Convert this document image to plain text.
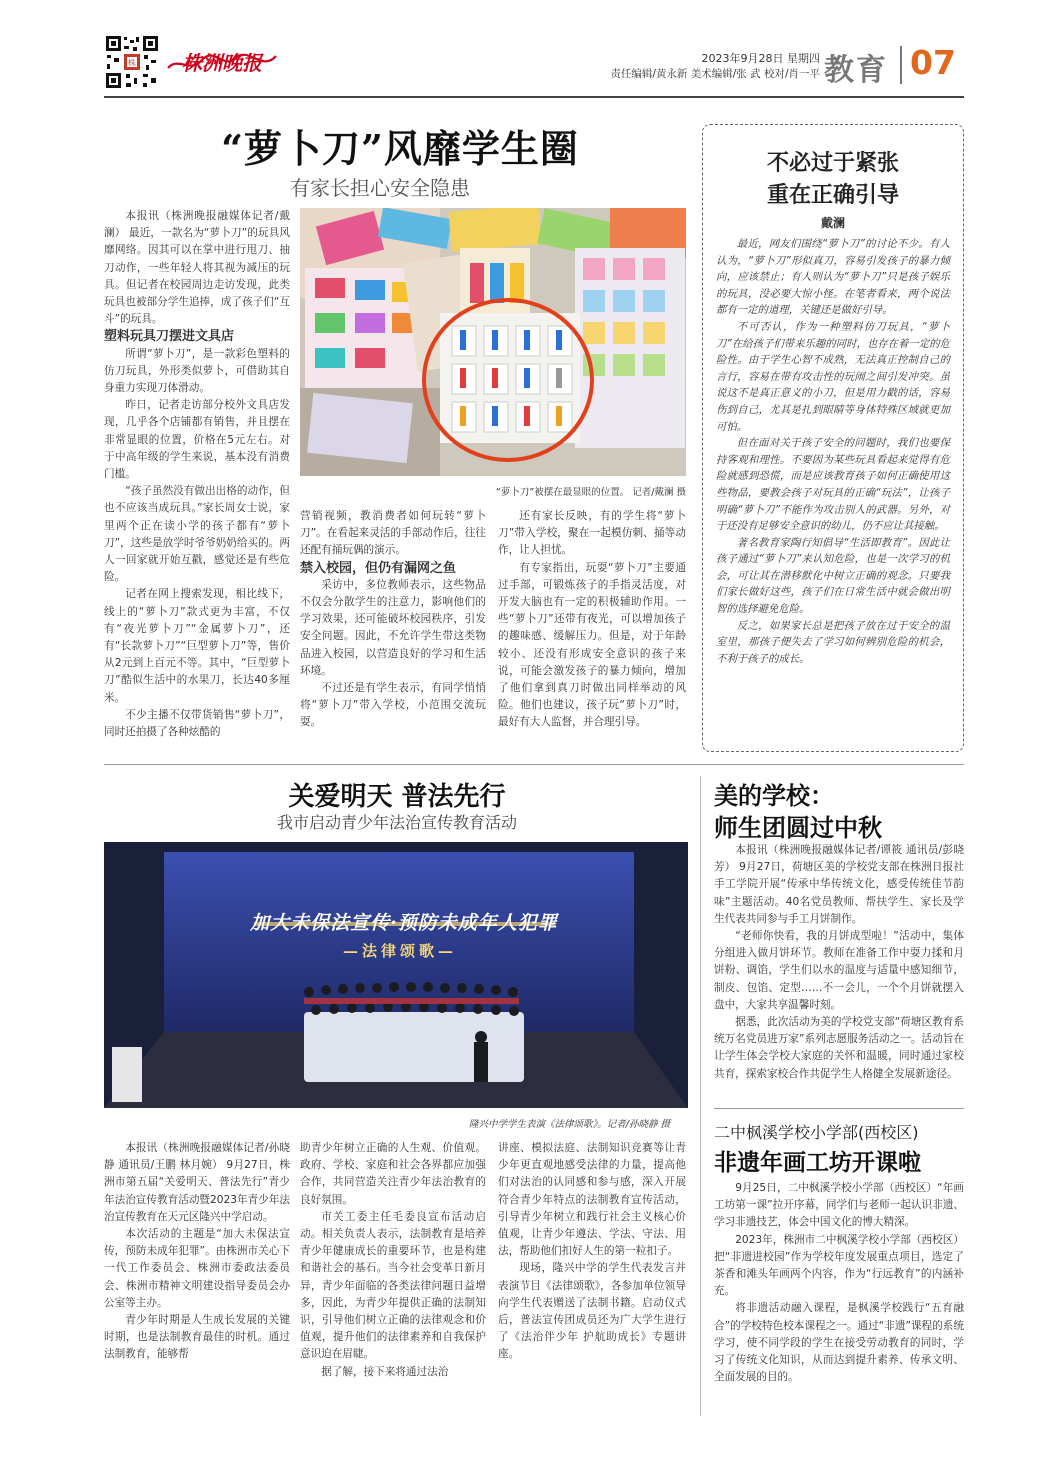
株 株洲晚报	2023年9月28日 星期四
责任编辑/黄永新 美术编辑/张 武 校对/肖一平 教育 07
“萝卜刀”风靡学生圈
有家长担心安全隐患

本报讯（株洲晚报融媒体记者/戴澜） 最近，一款名为“萝卜刀”的玩具风靡网络。因其可以在掌中进行甩刀、抽刀动作，一些年轻人将其视为减压的玩具。但记者在校园周边走访发现，此类玩具也被部分学生追捧，成了孩子们“互斗”的玩具。

塑料玩具刀摆进文具店

所谓“萝卜刀”，是一款彩色塑料的仿刀玩具，外形类似萝卜，可借助其自身重力实现刀体滑动。

昨日，记者走访部分校外文具店发现，几乎各个店铺都有销售，并且摆在非常显眼的位置，价格在5元左右。对于中高年级的学生来说，基本没有消费门槛。

“孩子虽然没有做出出格的动作，但也不应该当成玩具。”家长周女士说，家里两个正在读小学的孩子都有“萝卜刀”，这些是放学时爷爷奶奶给买的。两人一回家就开始互戳，感觉还是有些危险。

记者在网上搜索发现，相比线下，线上的“萝卜刀”款式更为丰富，不仅有“夜光萝卜刀”“金属萝卜刀”，还有“长款萝卜刀”“巨型萝卜刀”等，售价从2元到上百元不等。其中，“巨型萝卜刀”酷似生活中的水果刀，长达40多厘米。

不少主播不仅带货销售“萝卜刀”，同时还拍摄了各种炫酷的

“萝卜刀”被摆在最显眼的位置。 记者/戴澜 摄

营销视频，教消费者如何玩转“萝卜刀”。在看起来灵活的手部动作后，往往还配有捅玩偶的演示。

禁入校园，但仍有漏网之鱼

采访中，多位教师表示，这些物品不仅会分散学生的注意力，影响他们的学习效果，还可能破坏校园秩序，引发安全问题。因此，不允许学生带这类物品进入校园，以营造良好的学习和生活环境。

不过还是有学生表示，有同学悄悄将“萝卜刀”带入学校，小范围交流玩耍。

还有家长反映，有的学生将“萝卜刀”带入学校，聚在一起模仿刺、捅等动作，让人担忧。

有专家指出，玩耍“萝卜刀”主要通过手部，可锻炼孩子的手指灵活度，对开发大脑也有一定的积极辅助作用。一些“萝卜刀”还带有夜光，可以增加孩子的趣味感、缓解压力。但是，对于年龄较小、还没有形成安全意识的孩子来说，可能会激发孩子的暴力倾向，增加了他们拿到真刀时做出同样举动的风险。他们也建议，孩子玩“萝卜刀”时，最好有大人监督，并合理引导。

不必过于紧张
重在正确引导
戴澜

最近，网友们围绕“萝卜刀”的讨论不少。有人认为，“萝卜刀”形似真刀，容易引发孩子的暴力倾向，应该禁止；有人则认为“萝卜刀”只是孩子娱乐的玩具，没必要大惊小怪。在笔者看来，两个说法都有一定的道理，关键还是做好引导。

不可否认，作为一种塑料仿刀玩具，“萝卜刀”在给孩子们带来乐趣的同时，也存在着一定的危险性。由于学生心智不成熟，无法真正控制自己的言行，容易在带有攻击性的玩闹之间引发冲突。虽说这不是真正意义的小刀，但是用力戳的话，容易伤到自己，尤其是扎到眼睛等身体特殊区域就更加可怕。

但在面对关于孩子安全的问题时，我们也要保持客观和理性。不要因为某些玩具看起来觉得有危险就感到恐慌，而是应该教育孩子如何正确使用这些物品，要教会孩子对玩具的正确“玩法”，让孩子明确“萝卜刀”不能作为攻击别人的武器。另外，对于还没有足够安全意识的幼儿，仍不应让其接触。

著名教育家陶行知倡导“生活即教育”。因此让孩子通过“萝卜刀”来认知危险，也是一次学习的机会，可让其在潜移默化中树立正确的观念。只要我们家长做好这些，孩子们在日常生活中就会做出明智的选择避免危险。

反之，如果家长总是把孩子放在过于安全的温室里，那孩子便失去了学习如何辨别危险的机会，不利于孩子的成长。

关爱明天 普法先行
我市启动青少年法治宣传教育活动
加大未保法宣传·预防未成年人犯罪
—法律颂歌—
隆兴中学学生表演《法律颂歌》。记者/孙晓静 摄

本报讯（株洲晚报融媒体记者/孙晓静 通讯员/王鹏 林月婉） 9月27日，株洲市第五届“关爱明天、普法先行”青少年法治宣传教育活动暨2023年青少年法治宣传教育在天元区隆兴中学启动。

本次活动的主题是“加大未保法宣传，预防未成年犯罪”。由株洲市关心下一代工作委员会、株洲市委政法委员会、株洲市精神文明建设指导委员会办公室等主办。

青少年时期是人生成长发展的关键时期，也是法制教育最佳的时机。通过法制教育，能够帮

助青少年树立正确的人生观、价值观。政府、学校、家庭和社会各界都应加强合作，共同营造关注青少年法治教育的良好氛围。

市关工委主任毛委良宣布活动启动。相关负责人表示，法制教育是培养青少年健康成长的重要环节，也是构建和谐社会的基石。当今社会变革日新月异，青少年面临的各类法律问题日益增多，因此，为青少年提供正确的法制知识，引导他们树立正确的法律观念和价值观，提升他们的法律素养和自我保护意识迫在眉睫。

据了解，接下来将通过法治

讲座、模拟法庭、法制知识竞赛等让青少年更直观地感受法律的力量，提高他们对法治的认同感和参与感，深入开展符合青少年特点的法制教育宣传活动，引导青少年树立和践行社会主义核心价值观，让青少年遵法、学法、守法、用法，帮助他们扣好人生的第一粒扣子。

现场，隆兴中学的学生代表发言并表演节目《法律颂歌》，各参加单位领导向学生代表赠送了法制书籍。启动仪式后，普法宣传团成员还为广大学生进行了《法治伴少年 护航助成长》专题讲座。

美的学校：
师生团圆过中秋

本报讯（株洲晚报融媒体记者/谭筱 通讯员/彭晓芳） 9月27日，荷塘区美的学校党支部在株洲日报社手工学院开展“传承中华传统文化，感受传统佳节韵味”主题活动。40名党员教师、帮扶学生、家长及学生代表共同参与手工月饼制作。

“老师你快看，我的月饼成型啦！”活动中，集体分组进入做月饼环节。教师在准备工作中耍力揉和月饼粉、调馅，学生们以水的温度与适量中感知细节，制皮、包馅、定型……不一会儿，一个个月饼就摆入盘中，大家共享温馨时刻。

据悉，此次活动为美的学校党支部“荷塘区教育系统万名党员进万家”系列志愿服务活动之一。活动旨在让学生体会学校大家庭的关怀和温暖，同时通过家校共育，探索家校合作共促学生人格健全发展新途径。

二中枫溪学校小学部(西校区)
非遗年画工坊开课啦

9月25日，二中枫溪学校小学部（西校区）“年画工坊第一课”拉开序幕，同学们与老师一起认识非遗、学习非遗技艺，体会中国文化的博大精深。

2023年，株洲市二中枫溪学校小学部（西校区）把“非遗进校园”作为学校年度发展重点项目，选定了茶香和滩头年画两个内容，作为“行远教育”的内涵补充。

将非遗活动融入课程，是枫溪学校践行“五育融合”的学校特色校本课程之一。通过“非遗”课程的系统学习，使不同学段的学生在接受劳动教育的同时，学习了传统文化知识，从而达到提升素养、传承文明、全面发展的目的。
